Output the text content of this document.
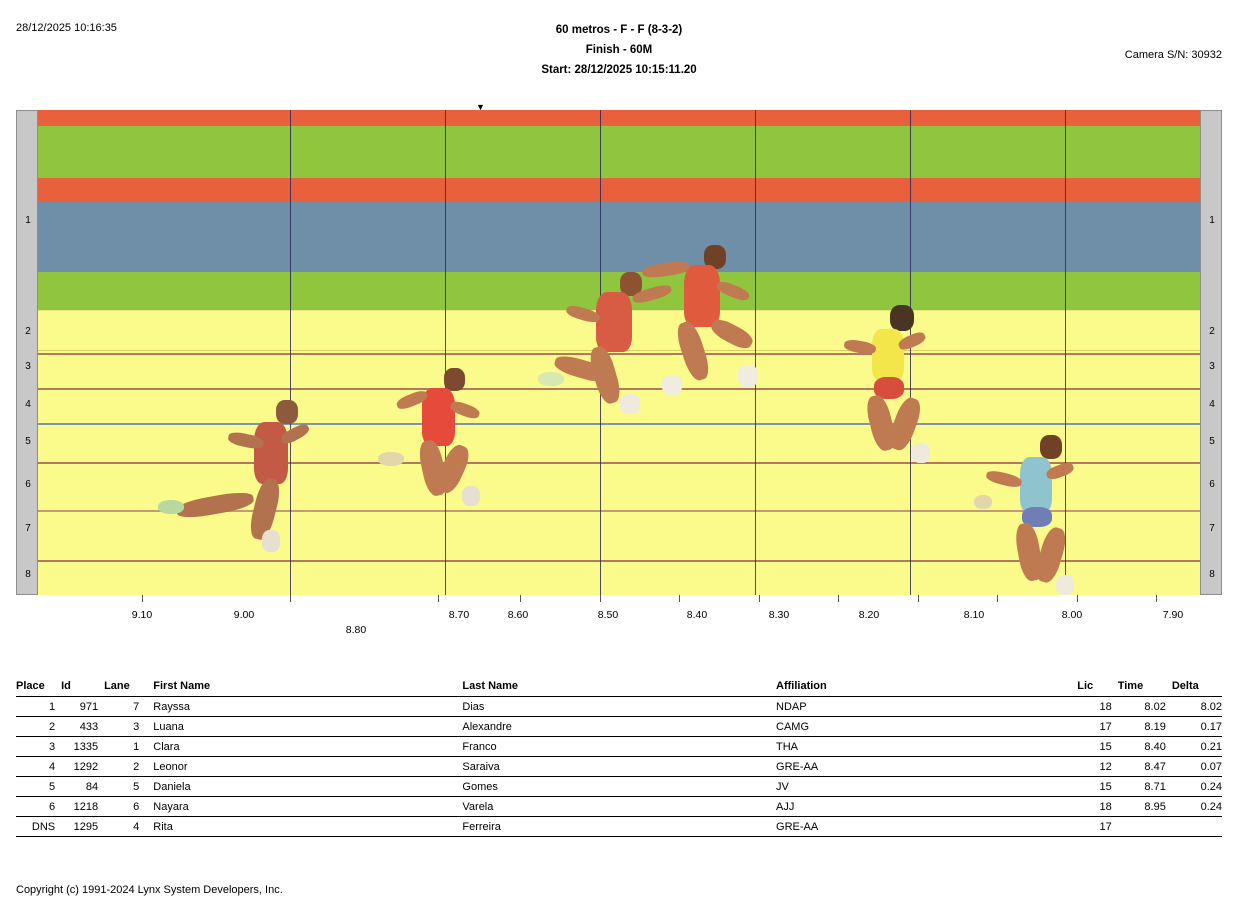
28/12/2025 10:16:35	60 metros - F - F (8-3-2)
Finish - 60M
Start: 28/12/2025 10:15:11.20
Camera S/N: 30932
1
2
3
4
5
6
7
8
1
2
3
4
5
6
7
8
▼
9.10	9.00
8.80
8.70	8.60	8.50	8.40	8.30	8.20	8.10	8.00	7.90
Place	Id	Lane	First Name	Last Name	Affiliation	Lic	Time	Delta
1	971	7	Rayssa	Dias	NDAP	18	8.02	8.02
2	433	3	Luana	Alexandre	CAMG	17	8.19	0.17
3	1335	1	Clara	Franco	THA	15	8.40	0.21
4	1292	2	Leonor	Saraiva	GRE-AA	12	8.47	0.07
5	84	5	Daniela	Gomes	JV	15	8.71	0.24
6	1218	6	Nayara	Varela	AJJ	18	8.95	0.24
DNS	1295	4	Rita	Ferreira	GRE-AA	17		
Copyright (c) 1991-2024 Lynx System Developers, Inc.
